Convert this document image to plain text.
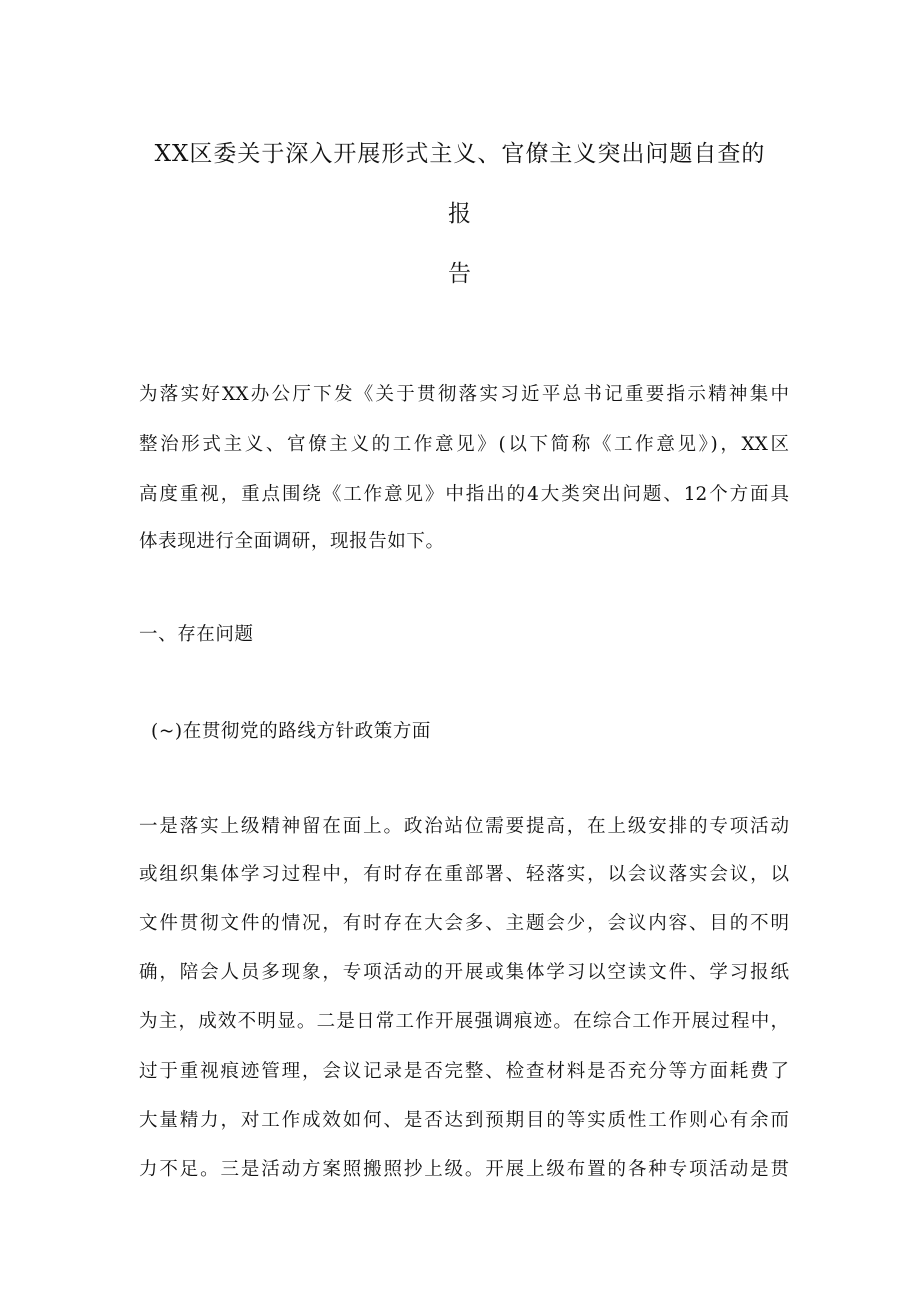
XX区委关于深入开展形式主义、官僚主义突出问题自查的
报
告
为落实好XX办公厅下发《关于贯彻落实习近平总书记重要指示精神集中
整治形式主义、官僚主义的工作意见》(以下简称《工作意见》)，XX区
高度重视，重点围绕《工作意见》中指出的4大类突出问题、12个方面具
体表现进行全面调研，现报告如下。
一、存在问题
(~)在贯彻党的路线方针政策方面
一是落实上级精神留在面上。政治站位需要提高，在上级安排的专项活动
或组织集体学习过程中，有时存在重部署、轻落实，以会议落实会议，以
文件贯彻文件的情况，有时存在大会多、主题会少，会议内容、目的不明
确，陪会人员多现象，专项活动的开展或集体学习以空读文件、学习报纸
为主，成效不明显。二是日常工作开展强调痕迹。在综合工作开展过程中，
过于重视痕迹管理，会议记录是否完整、检查材料是否充分等方面耗费了
大量精力，对工作成效如何、是否达到预期目的等实质性工作则心有余而
力不足。三是活动方案照搬照抄上级。开展上级布置的各种专项活动是贯
